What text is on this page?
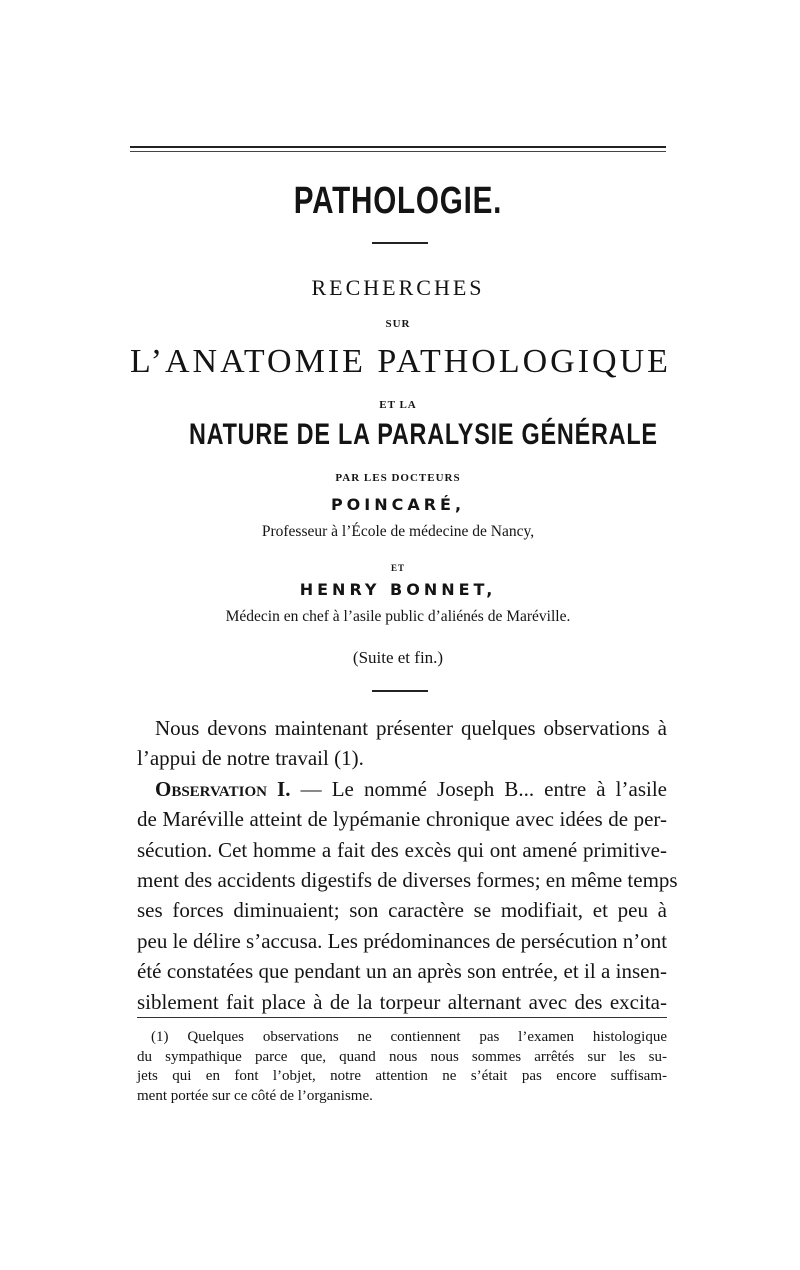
PATHOLOGIE.
RECHERCHES
SUR
L’ANATOMIE PATHOLOGIQUE
ET LA
NATURE DE LA PARALYSIE GÉNÉRALE
PAR LES DOCTEURS
POINCARÉ,
Professeur à l’École de médecine de Nancy,
ET
HENRY BONNET,
Médecin en chef à l’asile public d’aliénés de Maréville.
(Suite et fin.)
Nous devons maintenant présenter quelques observations à
l’appui de notre travail (1).
Observation I. — Le nommé Joseph B... entre à l’asile
de Maréville atteint de lypémanie chronique avec idées de per-
sécution. Cet homme a fait des excès qui ont amené primitive-
ment des accidents digestifs de diverses formes; en même temps
ses forces diminuaient; son caractère se modifiait, et peu à
peu le délire s’accusa. Les prédominances de persécution n’ont
été constatées que pendant un an après son entrée, et il a insen-
siblement fait place à de la torpeur alternant avec des excita-
(1) Quelques observations ne contiennent pas l’examen histologique
du sympathique parce que, quand nous nous sommes arrêtés sur les su-
jets qui en font l’objet, notre attention ne s’était pas encore suffisam-
ment portée sur ce côté de l’organisme.
